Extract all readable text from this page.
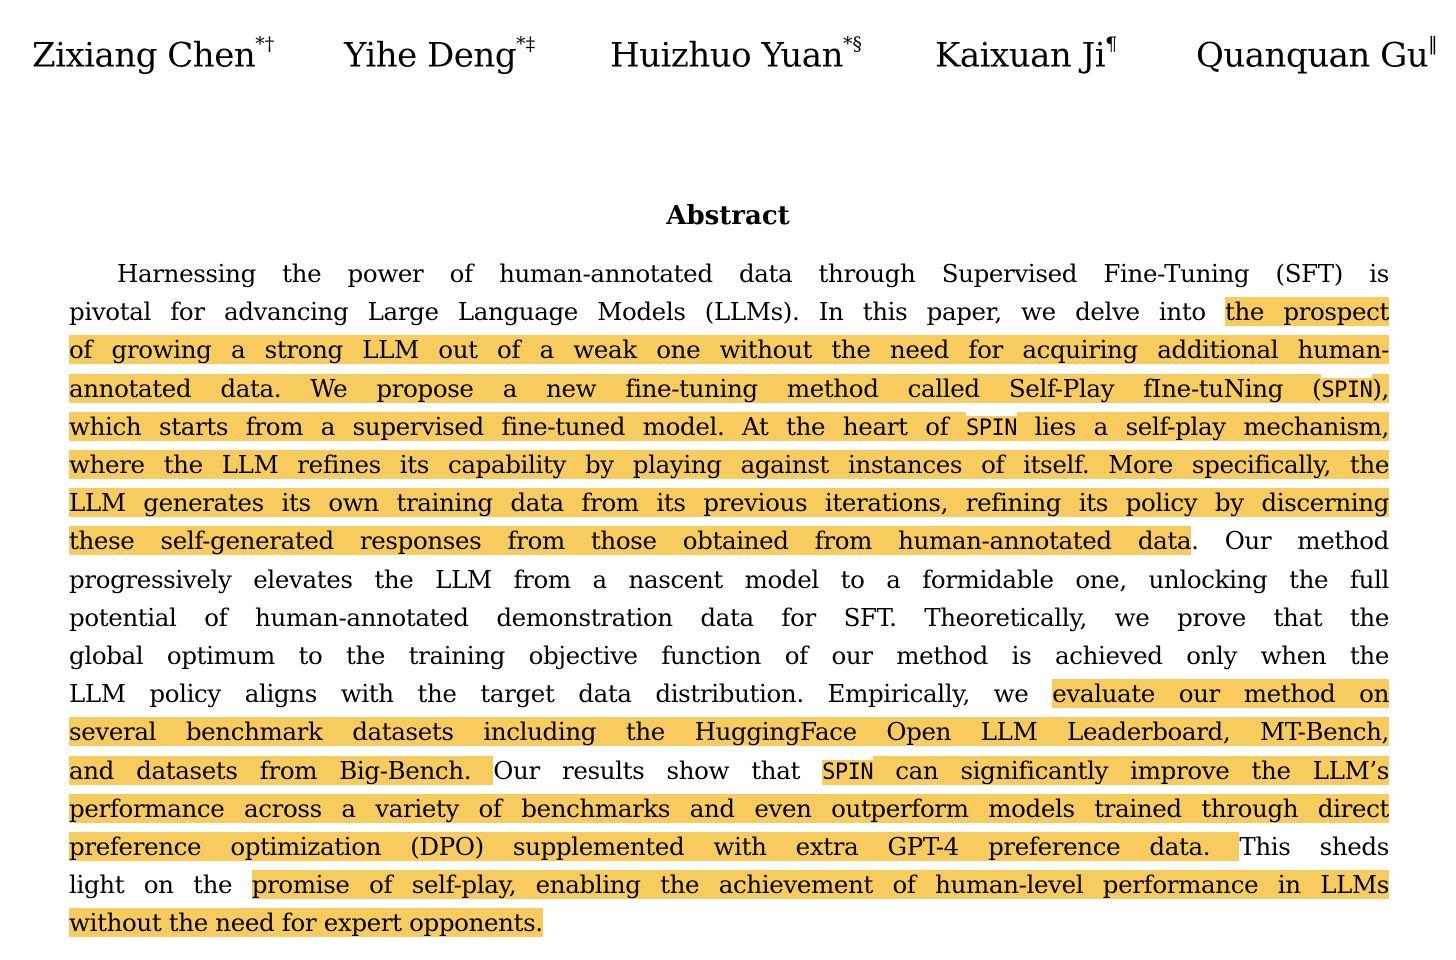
Zixiang Chen*† Yihe Deng*‡ Huizhuo Yuan*§ Kaixuan Ji¶ Quanquan Gu‖
Abstract
Harnessing the power of human-annotated data through Supervised Fine-Tuning (SFT) is
pivotal for advancing Large Language Models (LLMs). In this paper, we delve into the prospect
of growing a strong LLM out of a weak one without the need for acquiring additional human-
annotated data. We propose a new fine-tuning method called Self-Play fIne-tuNing (SPIN),
which starts from a supervised fine-tuned model. At the heart of SPIN lies a self-play mechanism,
where the LLM refines its capability by playing against instances of itself. More specifically, the
LLM generates its own training data from its previous iterations, refining its policy by discerning
these self-generated responses from those obtained from human-annotated data. Our method
progressively elevates the LLM from a nascent model to a formidable one, unlocking the full
potential of human-annotated demonstration data for SFT. Theoretically, we prove that the
global optimum to the training objective function of our method is achieved only when the
LLM policy aligns with the target data distribution. Empirically, we evaluate our method on
several benchmark datasets including the HuggingFace Open LLM Leaderboard, MT-Bench,
and datasets from Big-Bench. Our results show that SPIN can significantly improve the LLM’s
performance across a variety of benchmarks and even outperform models trained through direct
preference optimization (DPO) supplemented with extra GPT-4 preference data. This sheds
light on the promise of self-play, enabling the achievement of human-level performance in LLMs
without the need for expert opponents.
